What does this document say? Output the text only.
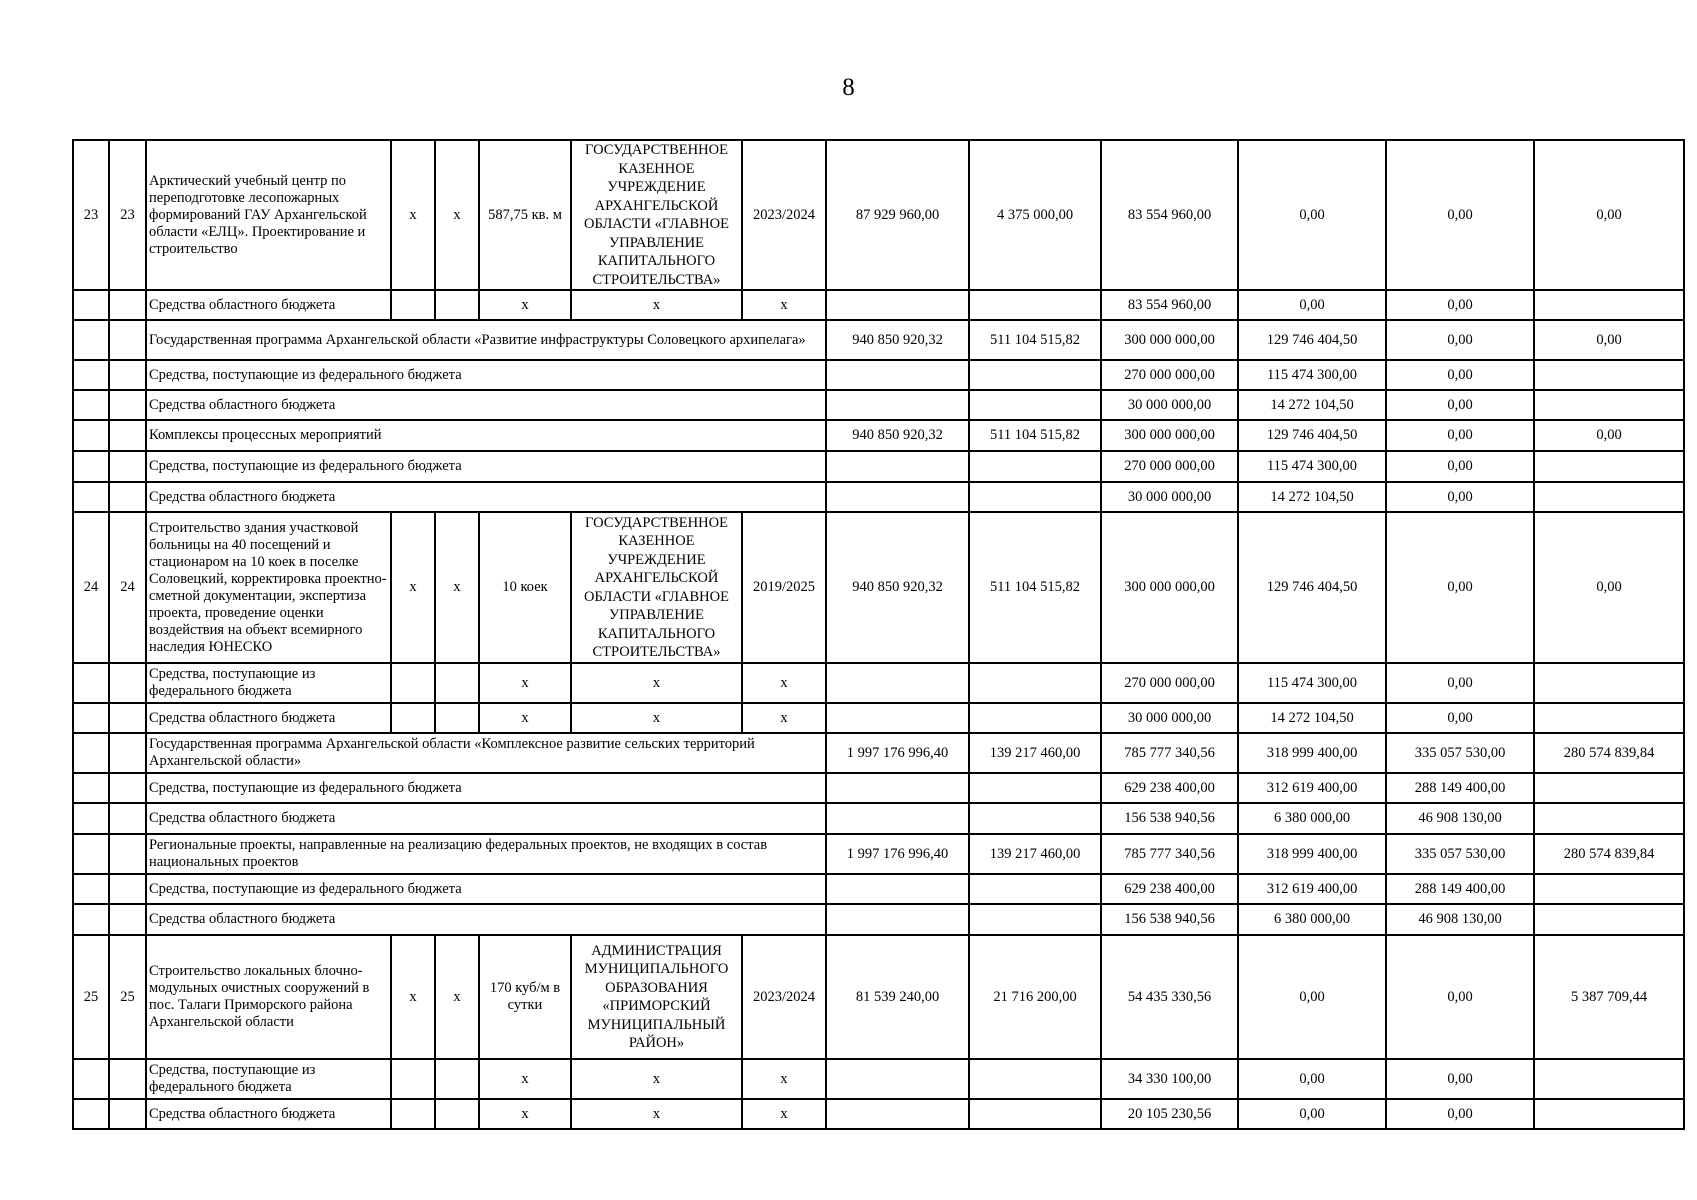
8
23	23	Арктический учебный центр по переподготовке лесопожарных формирований ГАУ Архангельской области «ЕЛЦ». Проектирование и строительство	х	х	587,75 кв. м	ГОСУДАРСТВЕННОЕ КАЗЕННОЕ УЧРЕЖДЕНИЕ АРХАНГЕЛЬСКОЙ ОБЛАСТИ «ГЛАВНОЕ УПРАВЛЕНИЕ КАПИТАЛЬНОГО СТРОИТЕЛЬСТВА»	2023/2024	87 929 960,00	4 375 000,00	83 554 960,00	0,00	0,00	0,00
		Средства областного бюджета			х	х	х			83 554 960,00	0,00	0,00	
		Государственная программа Архангельской области «Развитие инфраструктуры Соловецкого архипелага»						940 850 920,32	511 104 515,82	300 000 000,00	129 746 404,50	0,00	0,00
		Средства, поступающие из федерального бюджета								270 000 000,00	115 474 300,00	0,00	
		Средства областного бюджета								30 000 000,00	14 272 104,50	0,00	
		Комплексы процессных мероприятий						940 850 920,32	511 104 515,82	300 000 000,00	129 746 404,50	0,00	0,00
		Средства, поступающие из федерального бюджета								270 000 000,00	115 474 300,00	0,00	
		Средства областного бюджета								30 000 000,00	14 272 104,50	0,00	
24	24	Строительство здания участковой больницы на 40 посещений и стационаром на 10 коек в поселке Соловецкий, корректировка проектно-сметной документации, экспертиза проекта, проведение оценки воздействия на объект всемирного наследия ЮНЕСКО	х	х	10 коек	ГОСУДАРСТВЕННОЕ КАЗЕННОЕ УЧРЕЖДЕНИЕ АРХАНГЕЛЬСКОЙ ОБЛАСТИ «ГЛАВНОЕ УПРАВЛЕНИЕ КАПИТАЛЬНОГО СТРОИТЕЛЬСТВА»	2019/2025	940 850 920,32	511 104 515,82	300 000 000,00	129 746 404,50	0,00	0,00
		Средства, поступающие из федерального бюджета			х	х	х			270 000 000,00	115 474 300,00	0,00	
		Средства областного бюджета			х	х	х			30 000 000,00	14 272 104,50	0,00	
		Государственная программа Архангельской области «Комплексное развитие сельских территорий Архангельской области»						1 997 176 996,40	139 217 460,00	785 777 340,56	318 999 400,00	335 057 530,00	280 574 839,84
		Средства, поступающие из федерального бюджета								629 238 400,00	312 619 400,00	288 149 400,00	
		Средства областного бюджета								156 538 940,56	6 380 000,00	46 908 130,00	
		Региональные проекты, направленные на реализацию федеральных проектов, не входящих в состав национальных проектов						1 997 176 996,40	139 217 460,00	785 777 340,56	318 999 400,00	335 057 530,00	280 574 839,84
		Средства, поступающие из федерального бюджета								629 238 400,00	312 619 400,00	288 149 400,00	
		Средства областного бюджета								156 538 940,56	6 380 000,00	46 908 130,00	
25	25	Строительство локальных блочно-модульных очистных сооружений в пос. Талаги Приморского района Архангельской области	х	х	170 куб/м в сутки	АДМИНИСТРАЦИЯ МУНИЦИПАЛЬНОГО ОБРАЗОВАНИЯ «ПРИМОРСКИЙ МУНИЦИПАЛЬНЫЙ РАЙОН»	2023/2024	81 539 240,00	21 716 200,00	54 435 330,56	0,00	0,00	5 387 709,44
		Средства, поступающие из федерального бюджета			х	х	х			34 330 100,00	0,00	0,00	
		Средства областного бюджета			х	х	х			20 105 230,56	0,00	0,00	
